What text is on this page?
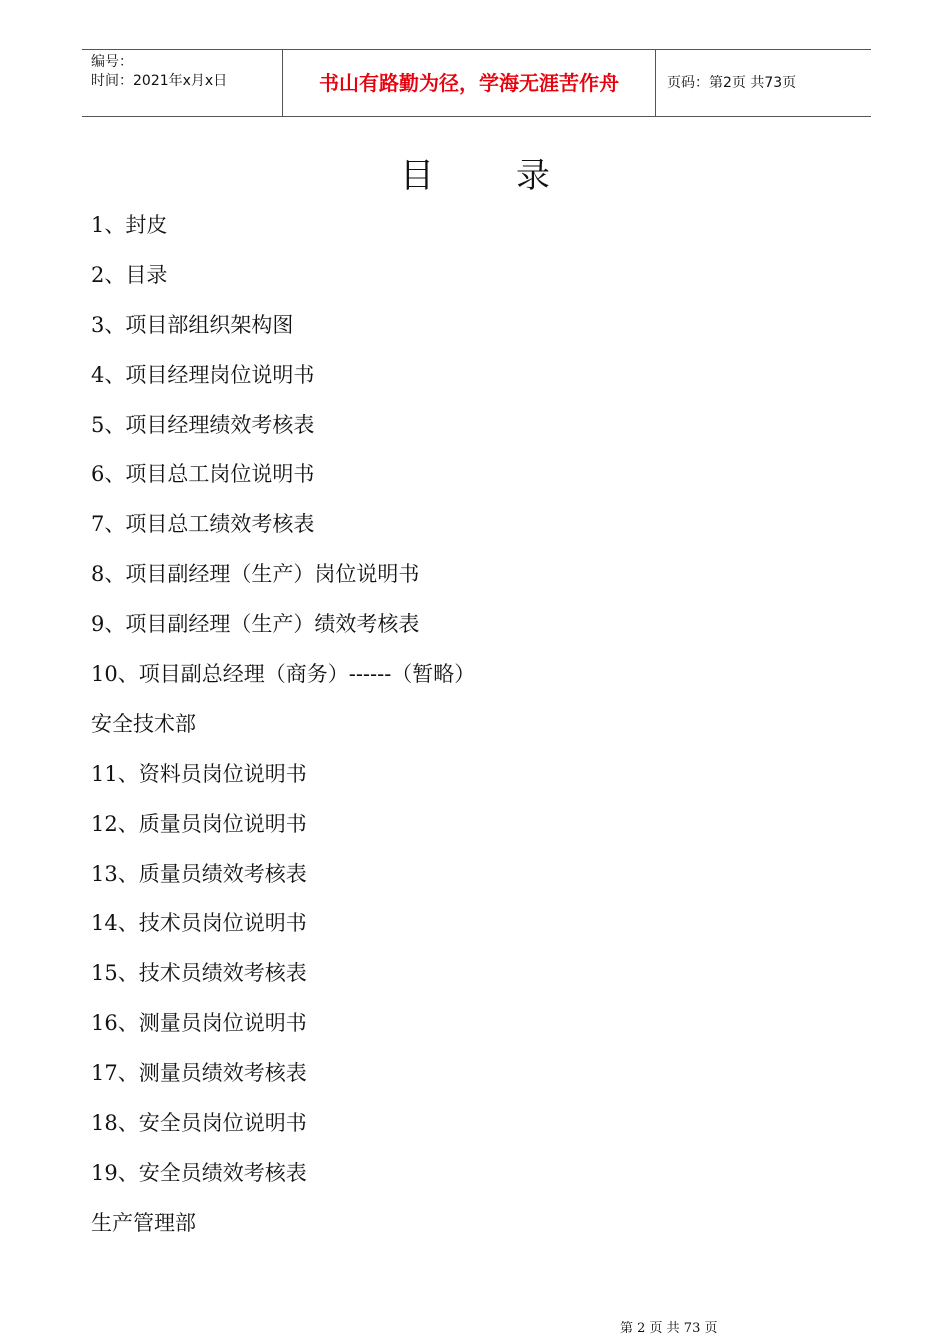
编号：
时间：2021年x月x日	书山有路勤为径，学海无涯苦作舟	页码：第2页 共73页
目录
1、封皮
2、目录
3、项目部组织架构图
4、项目经理岗位说明书
5、项目经理绩效考核表
6、项目总工岗位说明书
7、项目总工绩效考核表
8、项目副经理（生产）岗位说明书
9、项目副经理（生产）绩效考核表
10、项目副总经理（商务）------（暂略）
安全技术部
11、资料员岗位说明书
12、质量员岗位说明书
13、质量员绩效考核表
14、技术员岗位说明书
15、技术员绩效考核表
16、测量员岗位说明书
17、测量员绩效考核表
18、安全员岗位说明书
19、安全员绩效考核表
生产管理部
第 2 页 共 73 页
